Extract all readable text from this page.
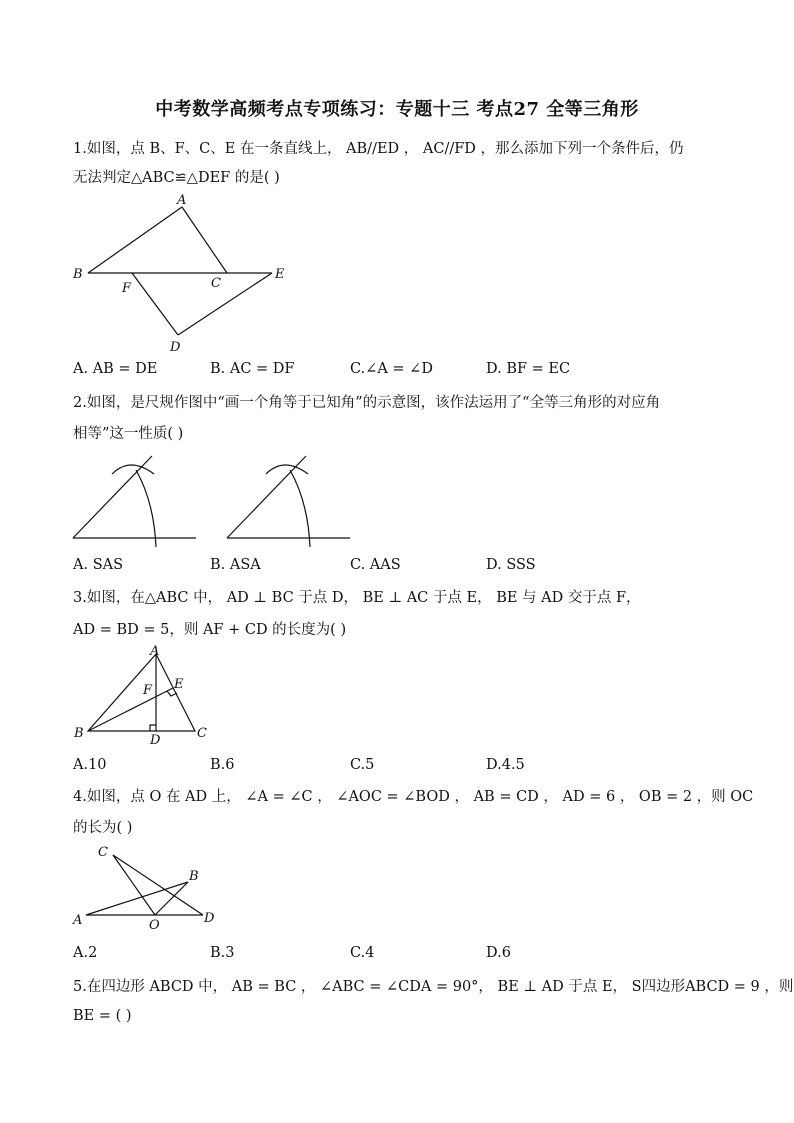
中考数学高频考点专项练习：专题十三 考点27 全等三角形
1.如图，点 B、F、C、E 在一条直线上， AB//ED ， AC//FD ，那么添加下列一个条件后，仍
无法判定△ABC≌△DEF 的是( )
A
B
F	C
E
D
A. AB = DE	B. AC = DF	C.∠A = ∠D	D. BF = EC
2.如图，是尺规作图中“画一个角等于已知角”的示意图，该作法运用了“全等三角形的对应角
相等”这一性质( )
A. SAS	B. ASA	C. AAS	D. SSS
3.如图，在△ABC 中， AD ⊥ BC 于点 D， BE ⊥ AC 于点 E， BE 与 AD 交于点 F，
AD = BD = 5，则 AF + CD 的长度为( )
A
F E
B	D	C
A.10	B.6	C.5	D.4.5
4.如图，点 O 在 AD 上， ∠A = ∠C ， ∠AOC = ∠BOD ， AB = CD ， AD = 6 ， OB = 2 ，则 OC
的长为( )
C
B
A	O	D
A.2	B.3	C.4	D.6
5.在四边形 ABCD 中， AB = BC ， ∠ABC = ∠CDA = 90°， BE ⊥ AD 于点 E， S四边形ABCD = 9 ，则
BE = ( )
